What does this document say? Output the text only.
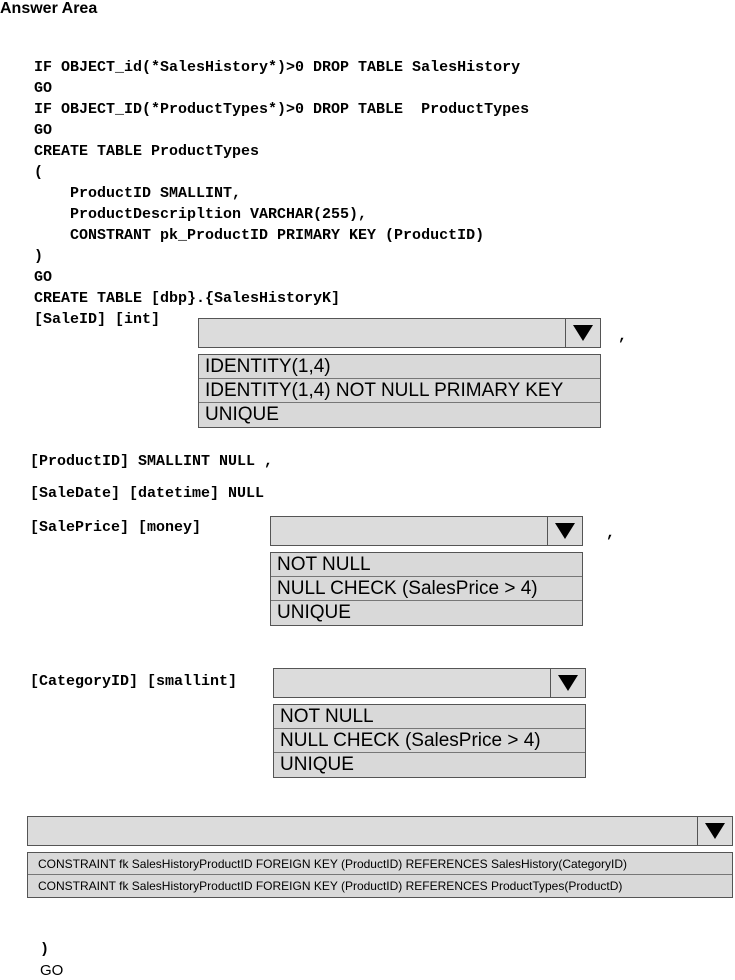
Answer Area
IF OBJECT_id(*SalesHistory*)>0 DROP TABLE SalesHistory
GO
IF OBJECT_ID(*ProductTypes*)>0 DROP TABLE  ProductTypes
GO
CREATE TABLE ProductTypes
(
ProductID SMALLINT,
ProductDescripltion VARCHAR(255),
CONSTRANT pk_ProductID PRIMARY KEY (ProductID)
)
GO
CREATE TABLE [dbp}.{SalesHistoryK]
[SaleID] [int]
IDENTITY(1,4)
IDENTITY(1,4) NOT NULL PRIMARY KEY
UNIQUE
,
[ProductID] SMALLINT NULL ,
[SaleDate] [datetime] NULL
[SalePrice] [money]
NOT NULL
NULL CHECK (SalesPrice > 4)
UNIQUE
,
[CategoryID] [smallint]
NOT NULL
NULL CHECK (SalesPrice > 4)
UNIQUE
CONSTRAINT fk SalesHistoryProductID FOREIGN KEY (ProductID) REFERENCES SalesHistory(CategoryID)
CONSTRAINT fk SalesHistoryProductID FOREIGN KEY (ProductID) REFERENCES ProductTypes(ProductD)
)
GO
